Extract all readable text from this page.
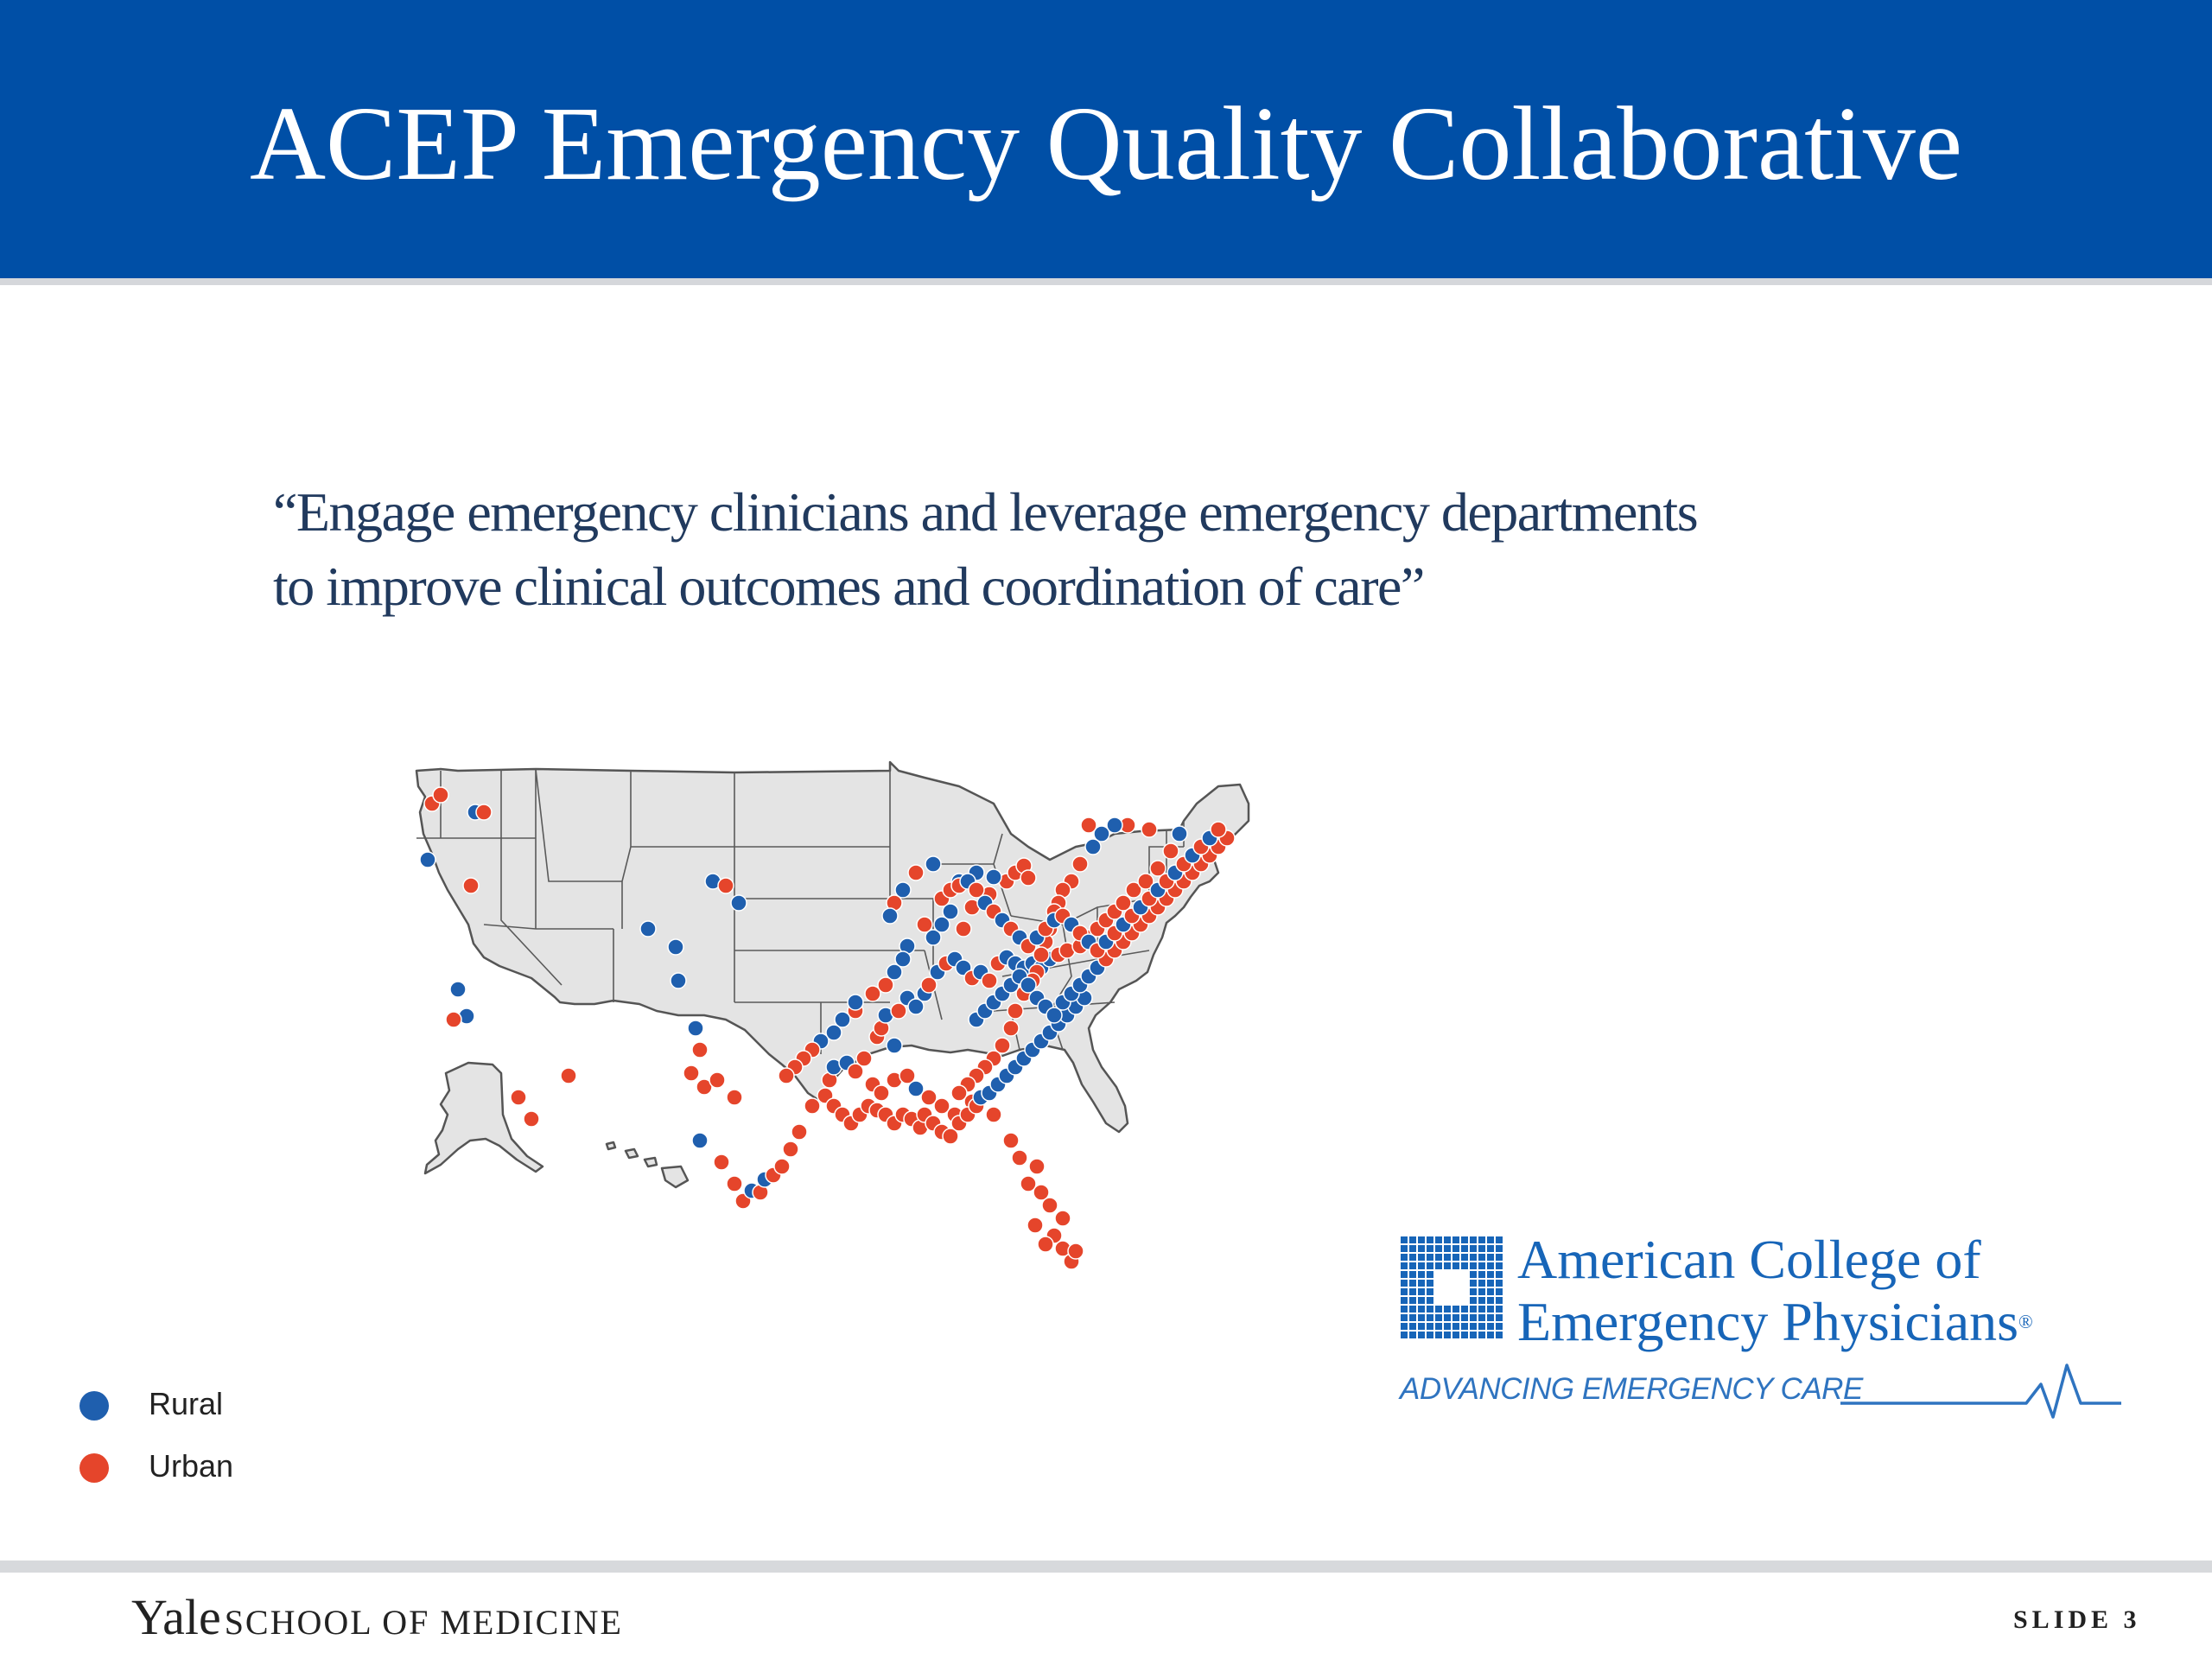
ACEP Emergency Quality Collaborative
“Engage emergency clinicians and leverage emergency departments
to improve clinical outcomes and coordination of care”
Rural
Urban
American College of
Emergency Physicians®
ADVANCING EMERGENCY CARE
Yale SCHOOL OF MEDICINE	SLIDE 3
